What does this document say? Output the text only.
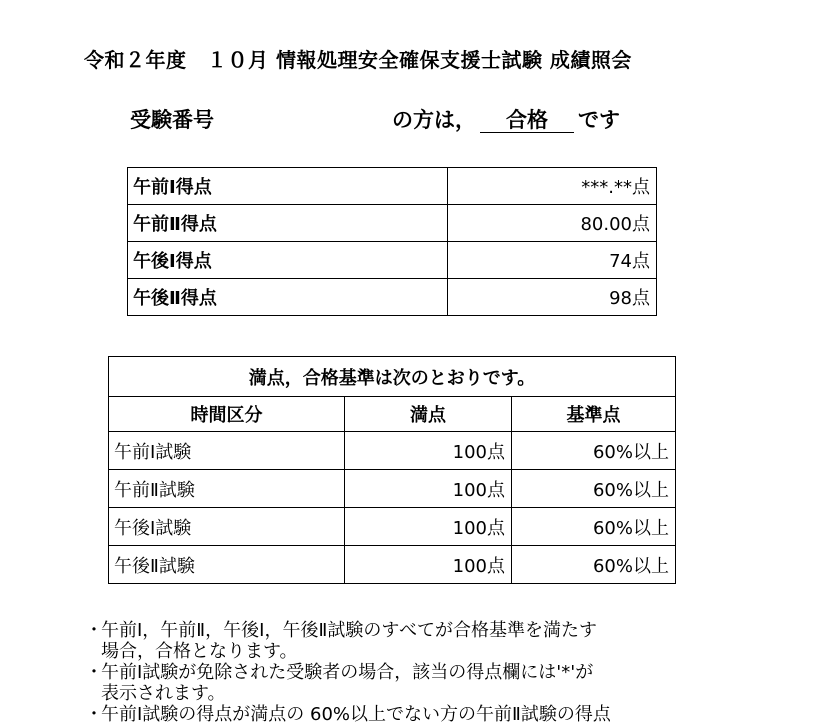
令和２年度　１０月 情報処理安全確保支援士試験 成績照会
受験番号	の方は， 合格 です
午前Ⅰ得点	***.**点
午前Ⅱ得点	80.00点
午後Ⅰ得点	74点
午後Ⅱ得点	98点
満点，合格基準は次のとおりです。		
時間区分	満点	基準点
午前Ⅰ試験	100点	60%以上
午前Ⅱ試験	100点	60%以上
午後Ⅰ試験	100点	60%以上
午後Ⅱ試験	100点	60%以上
・
午前Ⅰ，午前Ⅱ，午後Ⅰ，午後Ⅱ試験のすべてが合格基準を満たす
場合，合格となります。
・
午前Ⅰ試験が免除された受験者の場合，該当の得点欄には'*'が
表示されます。
・
午前Ⅰ試験の得点が満点の 60%以上でない方の午前Ⅱ試験の得点
